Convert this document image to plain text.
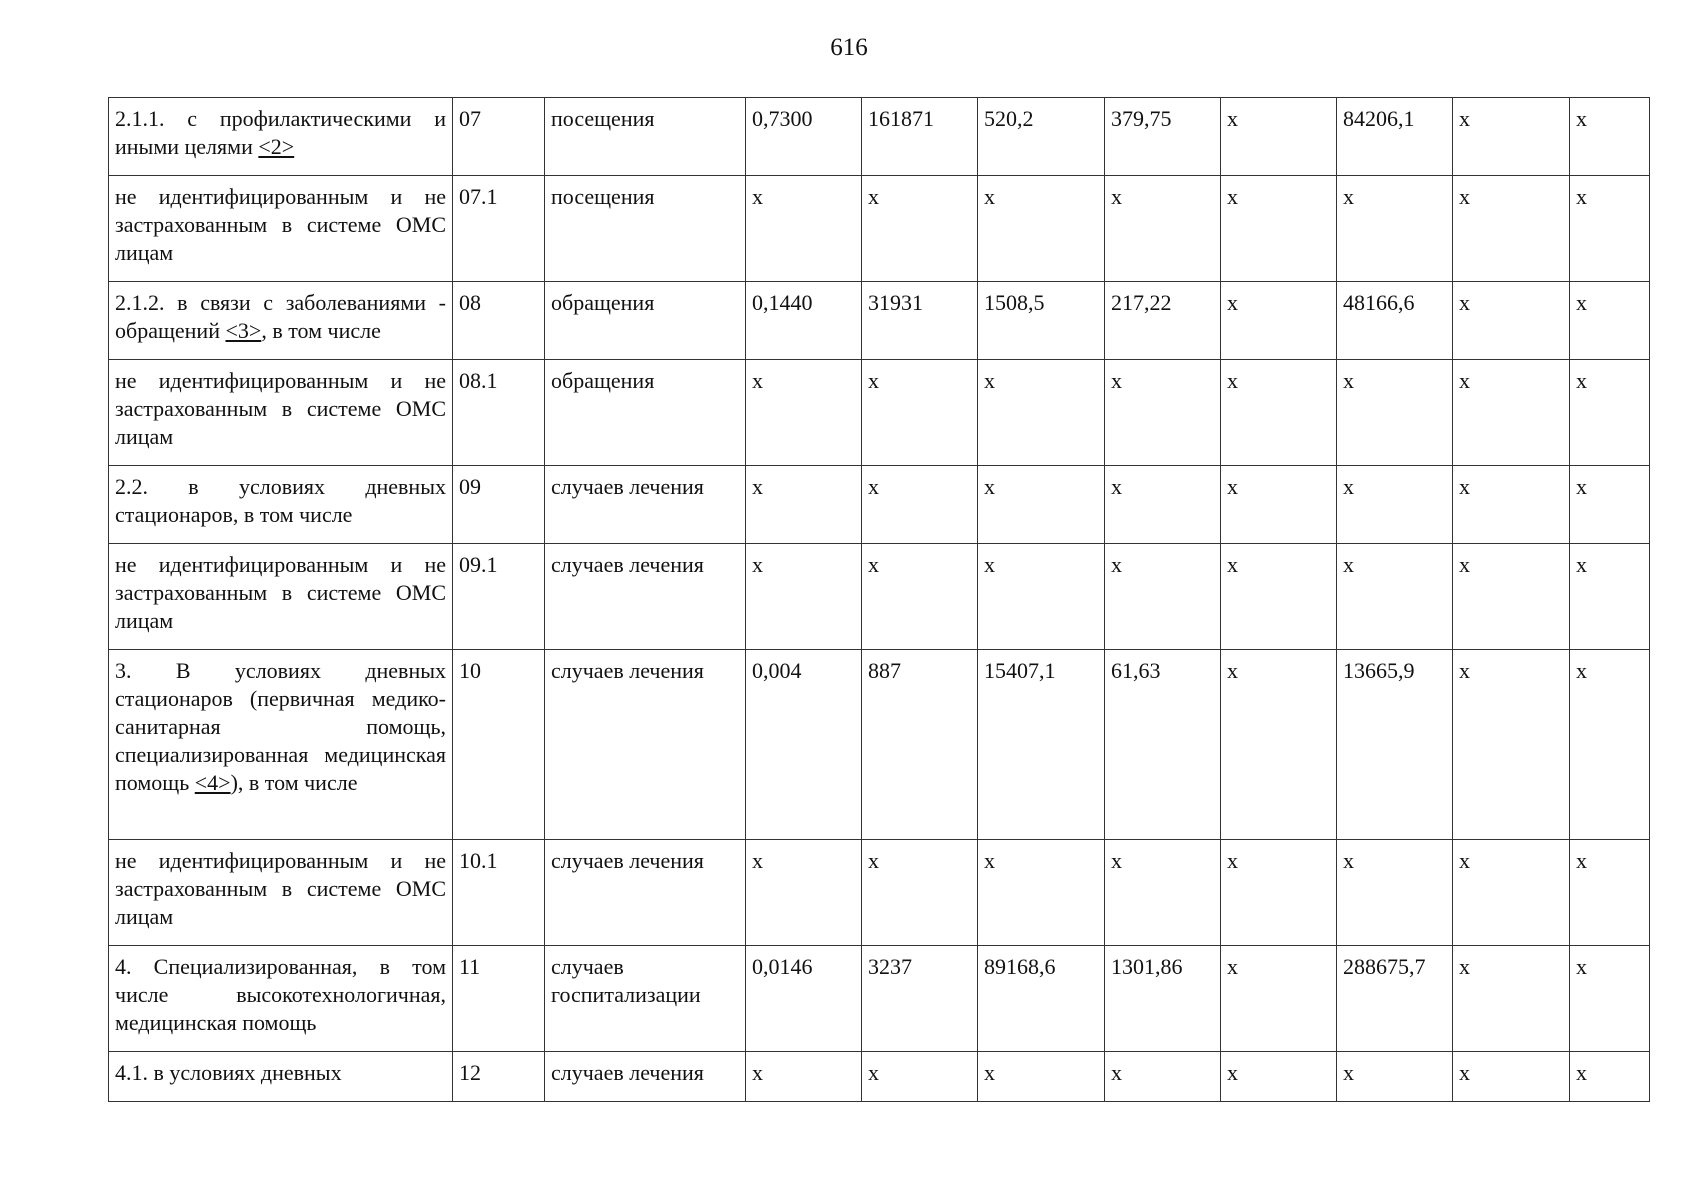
616
2.1.1. с профилактическими и иными целями <2>	07	посещения	0,7300	161871	520,2	379,75	х	84206,1	х	х
не идентифицированным и не застрахованным в системе ОМС лицам	07.1	посещения	х	х	х	х	х	х	х	х
2.1.2. в связи с заболеваниями - обращений <3>, в том числе	08	обращения	0,1440	31931	1508,5	217,22	х	48166,6	х	х
не идентифицированным и не застрахованным в системе ОМС лицам	08.1	обращения	х	х	х	х	х	х	х	х
2.2. в условиях дневных стационаров, в том числе	09	случаев лечения	х	х	х	х	х	х	х	х
не идентифицированным и не застрахованным в системе ОМС лицам	09.1	случаев лечения	х	х	х	х	х	х	х	х
3. В условиях дневных стационаров (первичная медико-санитарная помощь, специализированная медицинская помощь <4>), в том числе	10	случаев лечения	0,004	887	15407,1	61,63	х	13665,9	х	х
не идентифицированным и не застрахованным в системе ОМС лицам	10.1	случаев лечения	х	х	х	х	х	х	х	х
4. Специализированная, в том числе высокотехнологичная, медицинская помощь	11	случаев госпитализации	0,0146	3237	89168,6	1301,86	х	288675,7	х	х
4.1. в условиях дневных	12	случаев лечения	х	х	х	х	х	х	х	х
